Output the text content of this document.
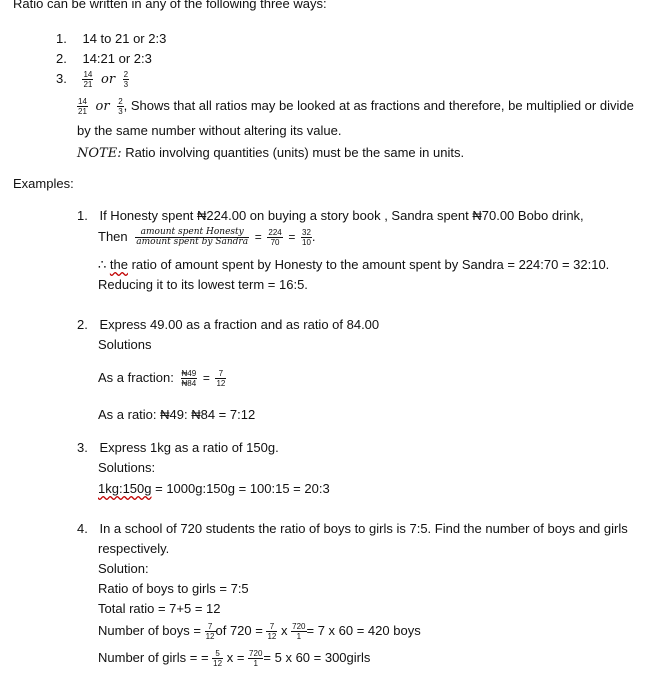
Ratio can be written in any of the following three ways:
1. 14 to 21 or 2:3
2. 14:21 or 2:3
3. $\frac{14}{21}$ or $\frac{2}{3}$
$\frac{14}{21}$ or $\frac{2}{3}$ , Shows that all ratios may be looked at as fractions and therefore, be multiplied or divide
by the same number without altering its value.
NOTE: Ratio involving quantities (units) must be the same in units.
Examples:
1. If Honesty spent ₦224.00 on buying a story book , Sandra spent ₦70.00 Bobo drink,
Then $\frac{\text{amount spent Honesty}}{\text{amount spent by Sandra}} = \frac{224}{70} = \frac{32}{10}$ .
∴ the ratio of amount spent by Honesty to the amount spent by Sandra = 224:70 = 32:10.
Reducing it to its lowest term = 16:5.
2. Express 49.00 as a fraction and as ratio of 84.00
Solutions
As a fraction: $\frac{₦49}{₦84} = \frac{7}{12}$
As a ratio: ₦49: ₦84 = 7:12
3. Express 1kg as a ratio of 150g.
Solutions:
1kg:150g = 1000g:150g = 100:15 = 20:3
4. In a school of 720 students the ratio of boys to girls is 7:5. Find the number of boys and girls
respectively.
Solution:
Ratio of boys to girls = 7:5
Total ratio = 7+5 = 12
Number of boys = $\frac{7}{12}$ of $720 = \frac{7}{12}$ x $\frac{720}{1} = 7$ x 60 = 420 boys
Number of girls = = $\frac{5}{12}$ $x = \frac{720}{1} = 5$ x 60 = 300girls
